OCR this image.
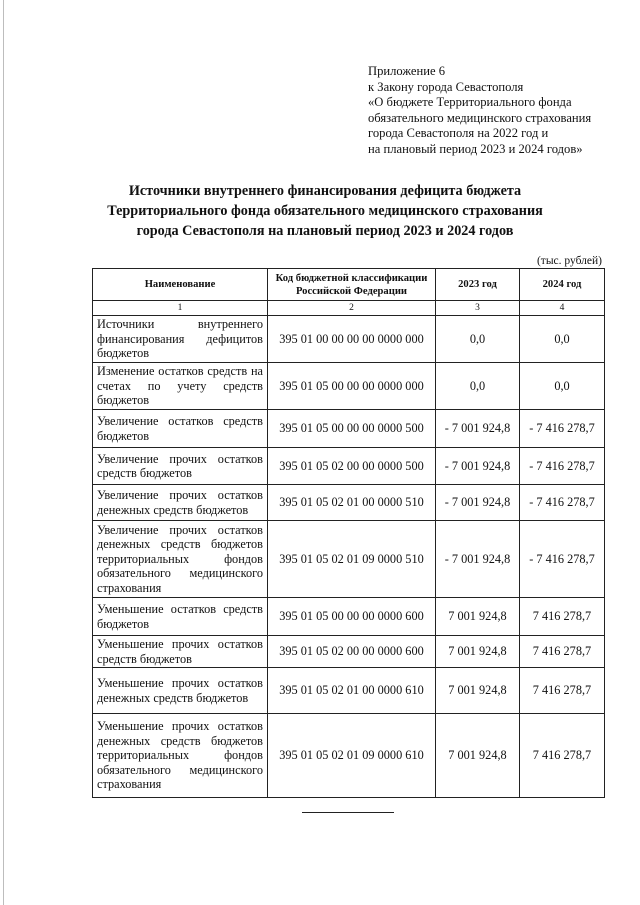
Приложение 6
к Закону города Севастополя
«О бюджете Территориального фонда
обязательного медицинского страхования
города Севастополя на 2022 год и
на плановый период 2023 и 2024 годов»
Источники внутреннего финансирования дефицита бюджета
Территориального фонда обязательного медицинского страхования
города Севастополя на плановый период 2023 и 2024 годов
(тыс. рублей)
Наименование	Код бюджетной классификации Российской Федерации	2023 год	2024 год
1	2	3	4
Источники внутреннего финансирования дефицитов бюджетов	395 01 00 00 00 00 0000 000	0,0	0,0
Изменение остатков средств на счетах по учету средств бюджетов	395 01 05 00 00 00 0000 000	0,0	0,0
Увеличение остатков средств бюджетов	395 01 05 00 00 00 0000 500	- 7 001 924,8	- 7 416 278,7
Увеличение прочих остатков средств бюджетов	395 01 05 02 00 00 0000 500	- 7 001 924,8	- 7 416 278,7
Увеличение прочих остатков денежных средств бюджетов	395 01 05 02 01 00 0000 510	- 7 001 924,8	- 7 416 278,7
Увеличение прочих остатков денежных средств бюджетов территориальных фондов обязательного медицинского страхования	395 01 05 02 01 09 0000 510	- 7 001 924,8	- 7 416 278,7
Уменьшение остатков средств бюджетов	395 01 05 00 00 00 0000 600	7 001 924,8	7 416 278,7
Уменьшение прочих остатков средств бюджетов	395 01 05 02 00 00 0000 600	7 001 924,8	7 416 278,7
Уменьшение прочих остатков денежных средств бюджетов	395 01 05 02 01 00 0000 610	7 001 924,8	7 416 278,7
Уменьшение прочих остатков денежных средств бюджетов территориальных фондов обязательного медицинского страхования	395 01 05 02 01 09 0000 610	7 001 924,8	7 416 278,7
